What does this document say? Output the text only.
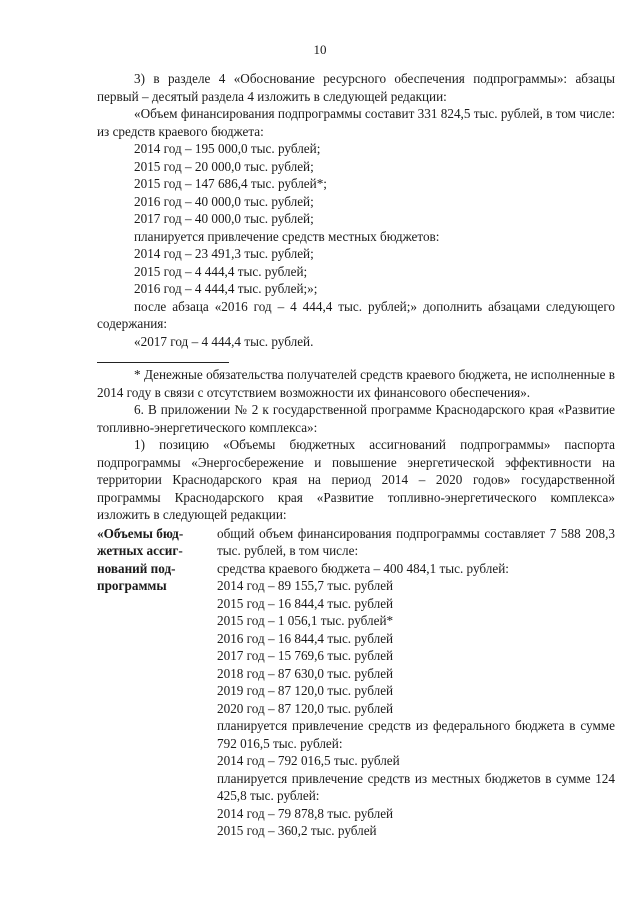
10

3) в разделе 4 «Обоснование ресурсного обеспечения подпрограммы»: абзацы первый – десятый раздела 4 изложить в следующей редакции:

«Объем финансирования подпрограммы составит 331 824,5 тыс. рублей, в том числе: из средств краевого бюджета:

2014 год – 195 000,0 тыс. рублей;

2015 год – 20 000,0 тыс. рублей;

2015 год – 147 686,4 тыс. рублей*;

2016 год – 40 000,0 тыс. рублей;

2017 год – 40 000,0 тыс. рублей;

планируется привлечение средств местных бюджетов:

2014 год – 23 491,3 тыс. рублей;

2015 год – 4 444,4 тыс. рублей;

2016 год – 4 444,4 тыс. рублей;»;

после абзаца «2016 год – 4 444,4 тыс. рублей;» дополнить абзацами следующего содержания:

«2017 год – 4 444,4 тыс. рублей.

* Денежные обязательства получателей средств краевого бюджета, не исполненные в 2014 году в связи с отсутствием возможности их финансового обеспечения».

6. В приложении № 2 к государственной программе Краснодарского края «Развитие топливно-энергетического комплекса»:

1) позицию «Объемы бюджетных ассигнований подпрограммы» паспорта подпрограммы «Энергосбережение и повышение энергетической эффективности на территории Краснодарского края на период 2014 – 2020 годов» государственной программы Краснодарского края «Развитие топливно-энергетического комплекса» изложить в следующей редакции:

«Объемы бюд-
жетных ассиг-
нований под-
программы

общий объем финансирования подпрограммы составляет 7 588 208,3 тыс. рублей, в том числе:

средства краевого бюджета – 400 484,1 тыс. рублей:

2014 год – 89 155,7 тыс. рублей

2015 год – 16 844,4 тыс. рублей

2015 год – 1 056,1 тыс. рублей*

2016 год – 16 844,4 тыс. рублей

2017 год – 15 769,6 тыс. рублей

2018 год – 87 630,0 тыс. рублей

2019 год – 87 120,0 тыс. рублей

2020 год – 87 120,0 тыс. рублей

планируется привлечение средств из федерального бюджета в сумме 792 016,5 тыс. рублей:

2014 год – 792 016,5 тыс. рублей

планируется привлечение средств из местных бюджетов в сумме 124 425,8 тыс. рублей:

2014 год – 79 878,8 тыс. рублей

2015 год – 360,2 тыс. рублей
